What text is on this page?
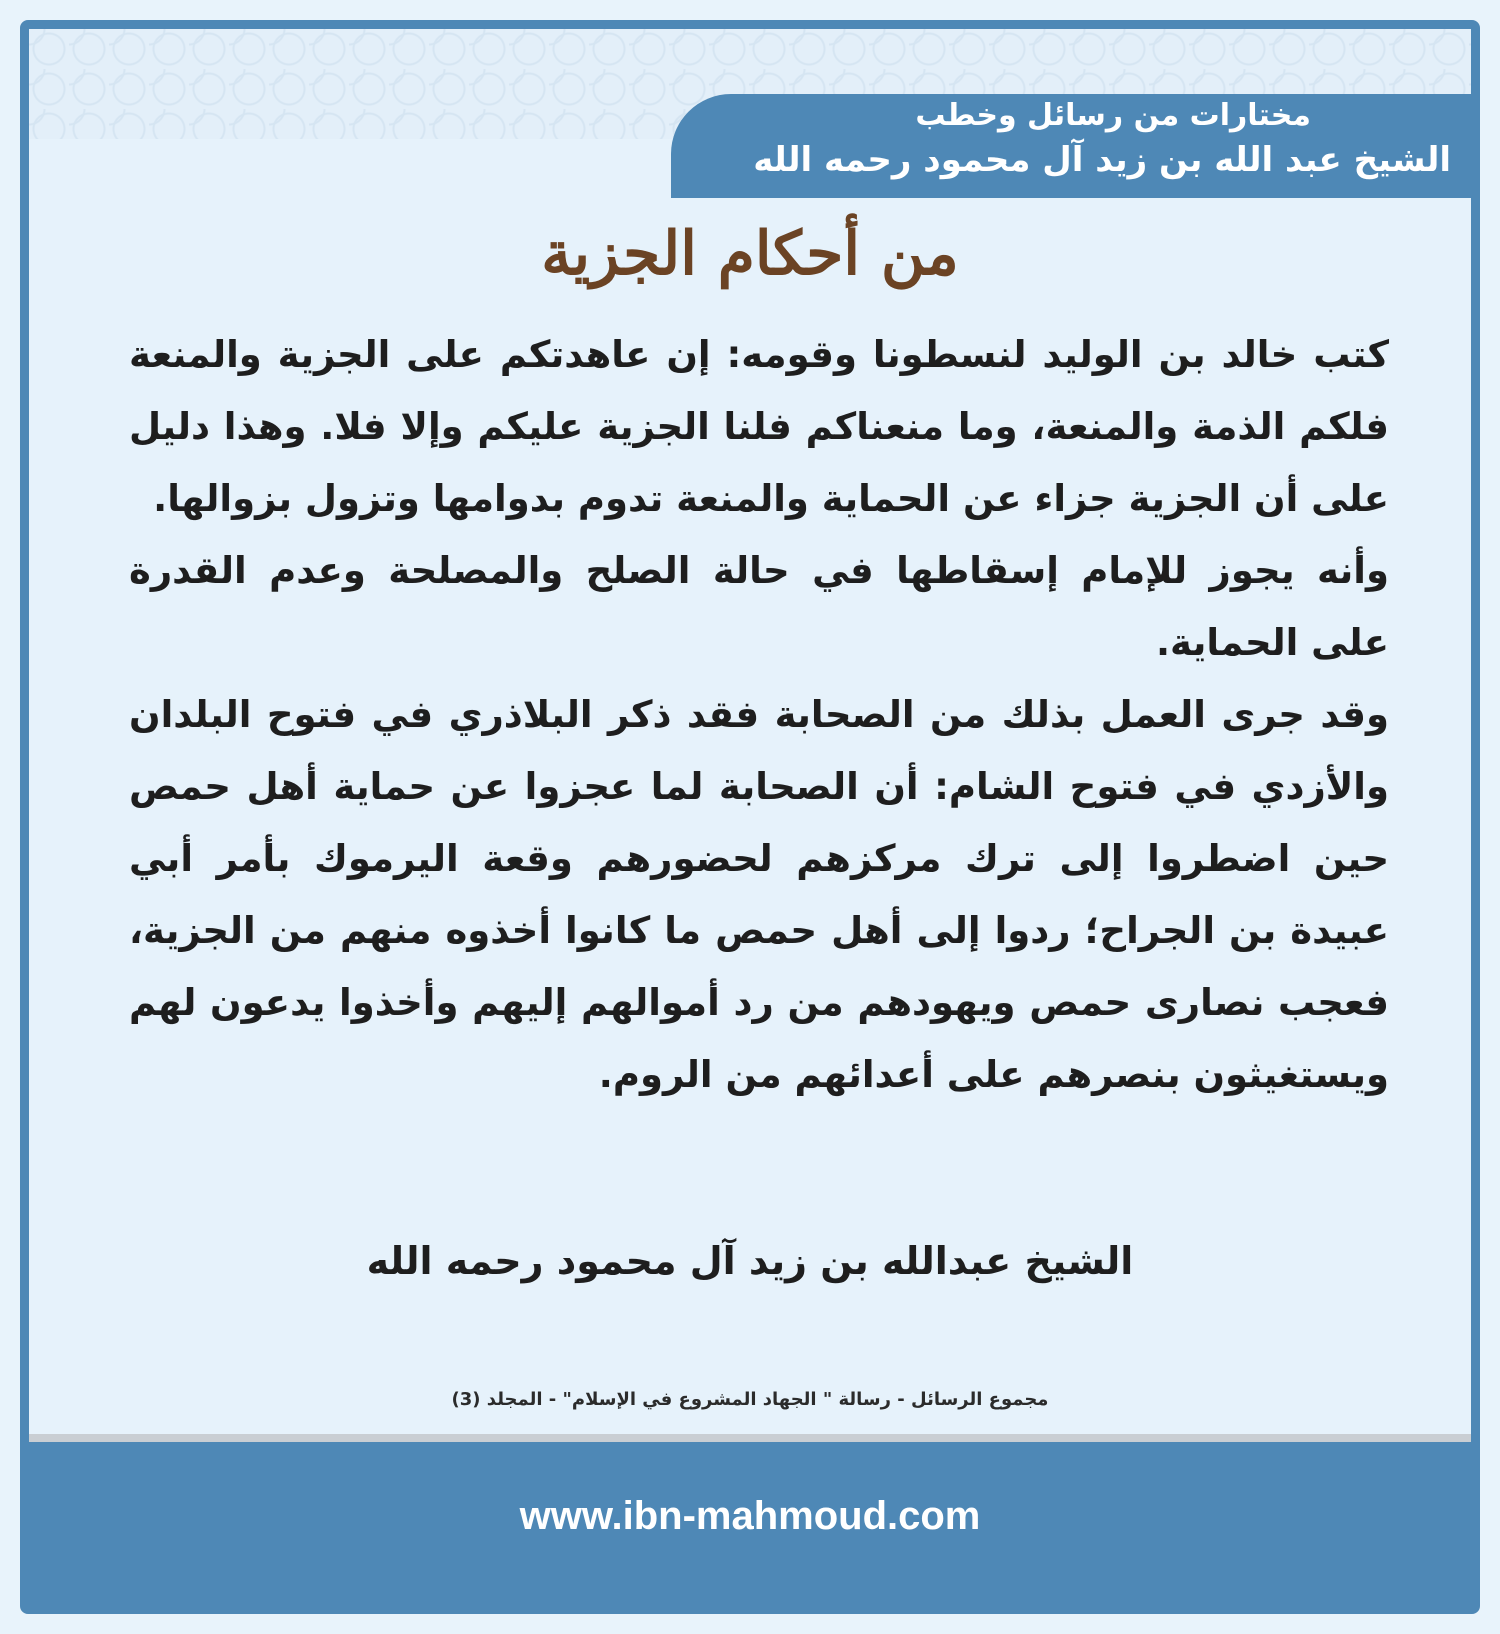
مختارات من رسائل وخطب
الشيخ عبد الله بن زيد آل محمود رحمه الله
من أحكام الجزية

كتب خالد بن الوليد لنسطونا وقومه: إن عاهدتكم على الجزية والمنعة فلكم الذمة والمنعة، وما منعناكم فلنا الجزية عليكم وإلا فلا. وهذا دليل على أن الجزية جزاء عن الحماية والمنعة تدوم بدوامها وتزول بزوالها.

وأنه يجوز للإمام إسقاطها في حالة الصلح والمصلحة وعدم القدرة على الحماية.

وقد جرى العمل بذلك من الصحابة فقد ذكر البلاذري في فتوح البلدان والأزدي في فتوح الشام: أن الصحابة لما عجزوا عن حماية أهل حمص حين اضطروا إلى ترك مركزهم لحضورهم وقعة اليرموك بأمر أبي عبيدة بن الجراح؛ ردوا إلى أهل حمص ما كانوا أخذوه منهم من الجزية، فعجب نصارى حمص ويهودهم من رد أموالهم إليهم وأخذوا يدعون لهم ويستغيثون بنصرهم على أعدائهم من الروم.

الشيخ عبدالله بن زيد آل محمود رحمه الله
مجموع الرسائل - رسالة " الجهاد المشروع في الإسلام" - المجلد (3)
www.ibn-mahmoud.com
